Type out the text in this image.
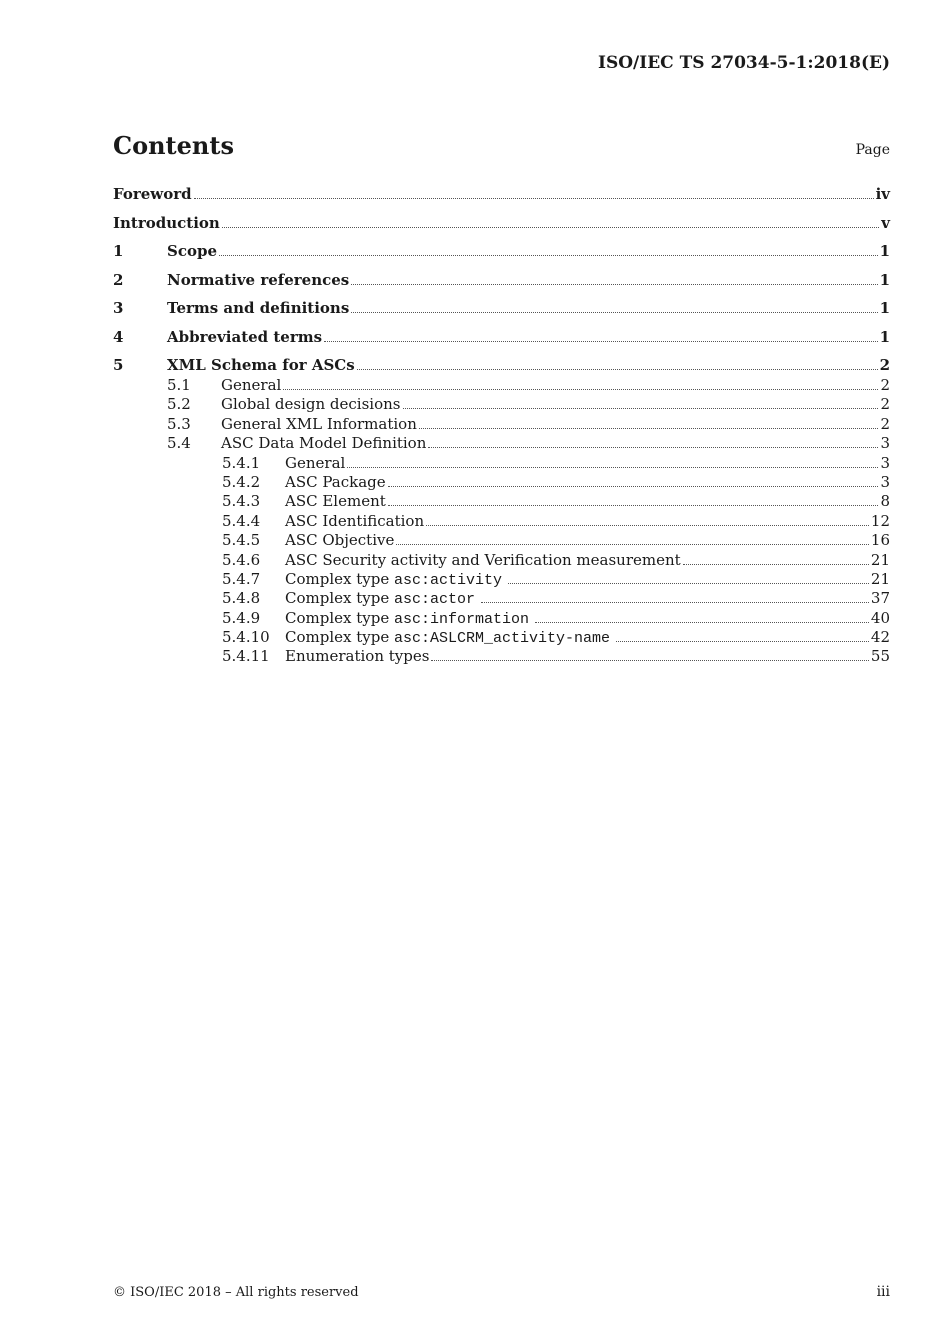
ISO/IEC TS 27034-5-1:2018(E)
Contents	Page
Foreword	iv
Introduction	v
1	Scope	1
2	Normative references	1
3	Terms and definitions	1
4	Abbreviated terms	1
5	XML Schema for ASCs	2
5.1	General	2
5.2	Global design decisions	2
5.3	General XML Information	2
5.4	ASC Data Model Definition	3
5.4.1	General	3
5.4.2	ASC Package	3
5.4.3	ASC Element	8
5.4.4	ASC Identification	12
5.4.5	ASC Objective	16
5.4.6	ASC Security activity and Verification measurement	21
5.4.7	Complex type asc:activity	21
5.4.8	Complex type asc:actor	37
5.4.9	Complex type asc:information	40
5.4.10	Complex type asc:ASLCRM_activity-name	42
5.4.11	Enumeration types	55
© ISO/IEC 2018 – All rights reserved	iii
